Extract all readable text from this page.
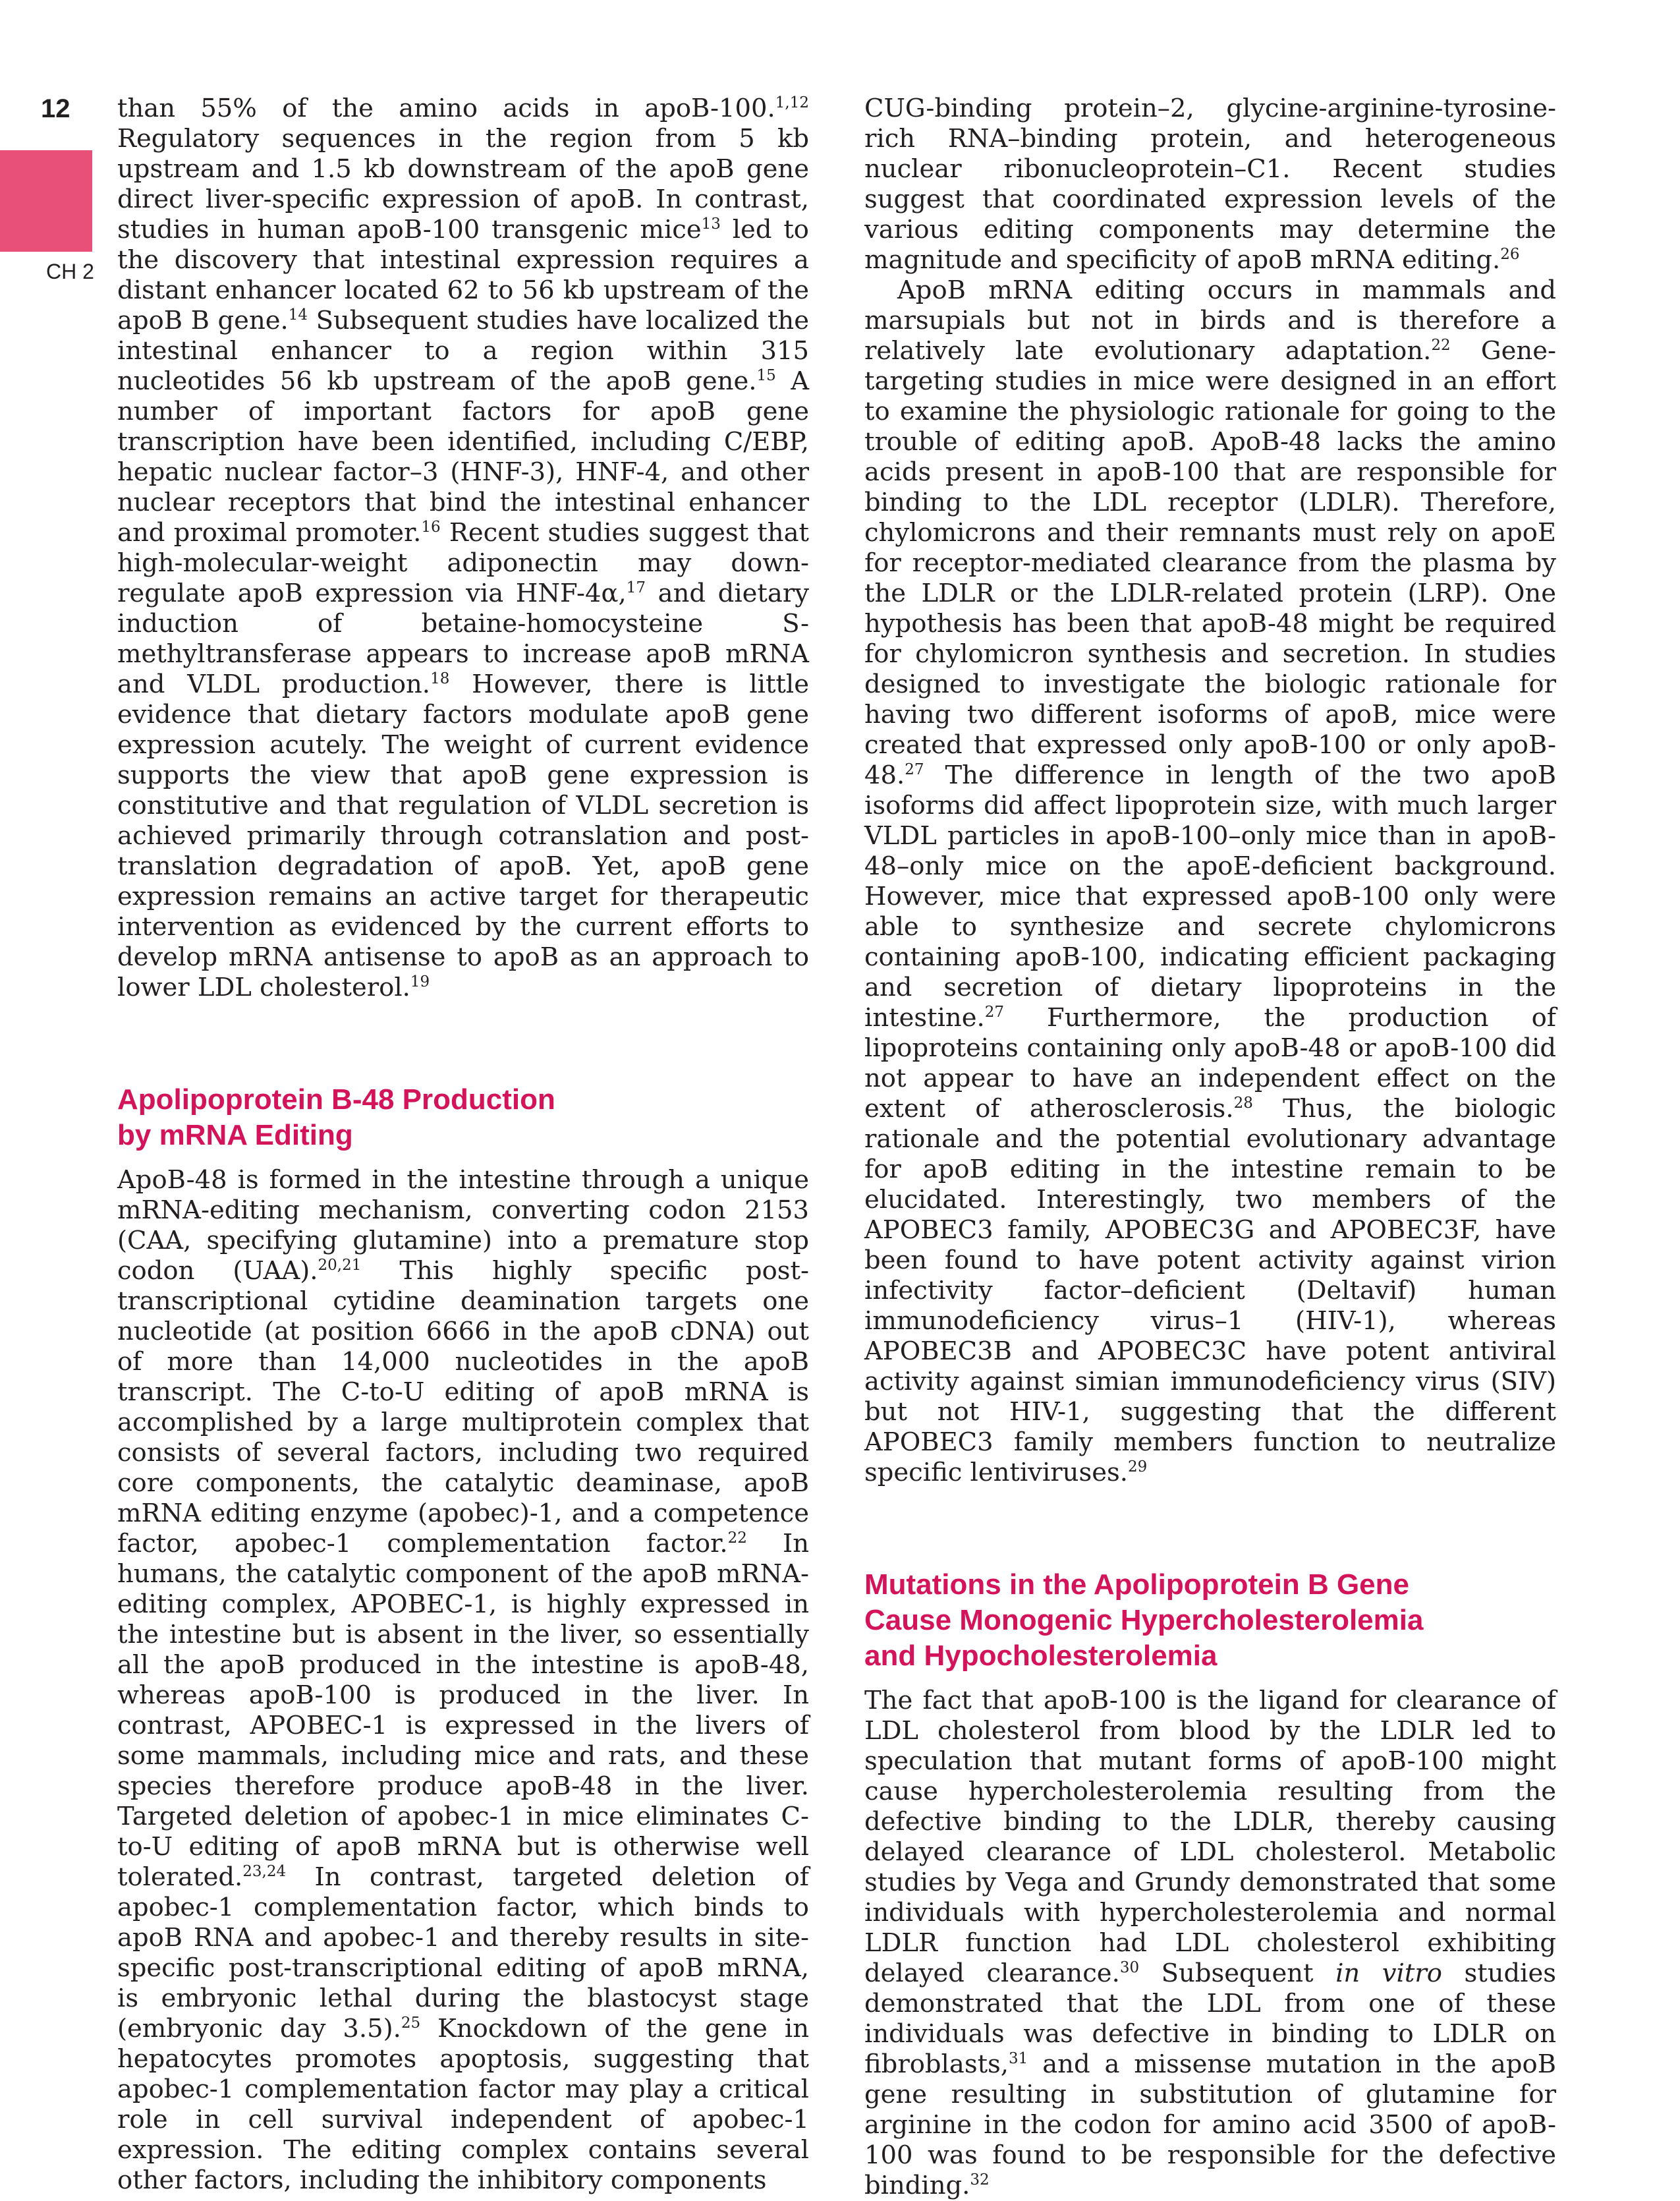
12
CH 2

than 55% of the amino acids in apoB-100.$^{1,12}$ Regulatory sequences in the region from 5 kb upstream and 1.5 kb downstream of the apoB gene direct liver-specific expression of apoB. In contrast, studies in human apoB-100 transgenic mice$^{13}$ led to the discovery that intestinal expression requires a distant enhancer located 62 to 56 kb upstream of the apoB B gene.$^{14}$ Subsequent studies have localized the intestinal enhancer to a region within 315 nucleotides 56 kb upstream of the apoB gene.$^{15}$ A number of important factors for apoB gene transcription have been identified, including C/EBP, hepatic nuclear factor–3 (HNF-3), HNF-4, and other nuclear receptors that bind the intestinal enhancer and proximal promoter.$^{16}$ Recent studies suggest that high-molecular-weight adiponectin may down-regulate apoB expression via HNF-4α,$^{17}$ and dietary induction of betaine-homocysteine S-methyltransferase appears to increase apoB mRNA and VLDL production.$^{18}$ However, there is little evidence that dietary factors modulate apoB gene expression acutely. The weight of current evidence supports the view that apoB gene expression is constitutive and that regulation of VLDL secretion is achieved primarily through cotranslation and post-translation degradation of apoB. Yet, apoB gene expression remains an active target for therapeutic intervention as evidenced by the current efforts to develop mRNA antisense to apoB as an approach to lower LDL cholesterol.$^{19}$

Apolipoprotein B-48 Production
by mRNA Editing

ApoB-48 is formed in the intestine through a unique mRNA-editing mechanism, converting codon 2153 (CAA, specifying glutamine) into a premature stop codon (UAA).$^{20,21}$ This highly specific post-transcriptional cytidine deamination targets one nucleotide (at position 6666 in the apoB cDNA) out of more than 14,000 nucleotides in the apoB transcript. The C-to-U editing of apoB mRNA is accomplished by a large multiprotein complex that consists of several factors, including two required core components, the catalytic deaminase, apoB mRNA editing enzyme (apobec)-1, and a competence factor, apobec-1 complementation factor.$^{22}$ In humans, the catalytic component of the apoB mRNA-editing complex, APOBEC-1, is highly expressed in the intestine but is absent in the liver, so essentially all the apoB produced in the intestine is apoB-48, whereas apoB-100 is produced in the liver. In contrast, APOBEC-1 is expressed in the livers of some mammals, including mice and rats, and these species therefore produce apoB-48 in the liver. Targeted deletion of apobec-1 in mice eliminates C-to-U editing of apoB mRNA but is otherwise well tolerated.$^{23,24}$ In contrast, targeted deletion of apobec-1 complementation factor, which binds to apoB RNA and apobec-1 and thereby results in site-specific post-transcriptional editing of apoB mRNA, is embryonic lethal during the blastocyst stage (embryonic day 3.5).$^{25}$ Knockdown of the gene in hepatocytes promotes apoptosis, suggesting that apobec-1 complementation factor may play a critical role in cell survival independent of apobec-1 expression. The editing complex contains several other factors, including the inhibitory components

CUG-binding protein–2, glycine-arginine-tyrosine-rich RNA–binding protein, and heterogeneous nuclear ribonucleoprotein–C1. Recent studies suggest that coordinated expression levels of the various editing components may determine the magnitude and specificity of apoB mRNA editing.$^{26}$

ApoB mRNA editing occurs in mammals and marsupials but not in birds and is therefore a relatively late evolutionary adaptation.$^{22}$ Gene-targeting studies in mice were designed in an effort to examine the physiologic rationale for going to the trouble of editing apoB. ApoB-48 lacks the amino acids present in apoB-100 that are responsible for binding to the LDL receptor (LDLR). Therefore, chylomicrons and their remnants must rely on apoE for receptor-mediated clearance from the plasma by the LDLR or the LDLR-related protein (LRP). One hypothesis has been that apoB-48 might be required for chylomicron synthesis and secretion. In studies designed to investigate the biologic rationale for having two different isoforms of apoB, mice were created that expressed only apoB-100 or only apoB-48.27 The difference in length of the two apoB isoforms did affect lipoprotein size, with much larger VLDL particles in apoB-100–only mice than in apoB-48–only mice on the apoE-deficient background. However, mice that expressed apoB-100 only were able to synthesize and secrete chylomicrons containing apoB-100, indicating efficient packaging and secretion of dietary lipoproteins in the intestine.$^{27}$ Furthermore, the production of lipoproteins containing only apoB-48 or apoB-100 did not appear to have an independent effect on the extent of atherosclerosis.$^{28}$ Thus, the biologic rationale and the potential evolutionary advantage for apoB editing in the intestine remain to be elucidated. Interestingly, two members of the APOBEC3 family, APOBEC3G and APOBEC3F, have been found to have potent activity against virion infectivity factor–deficient (Deltavif) human immunodeficiency virus–1 (HIV-1), whereas APOBEC3B and APOBEC3C have potent antiviral activity against simian immunodeficiency virus (SIV) but not HIV-1, suggesting that the different APOBEC3 family members function to neutralize specific lentiviruses.$^{29}$

Mutations in the Apolipoprotein B Gene
Cause Monogenic Hypercholesterolemia
and Hypocholesterolemia

The fact that apoB-100 is the ligand for clearance of LDL cholesterol from blood by the LDLR led to speculation that mutant forms of apoB-100 might cause hypercholesterolemia resulting from the defective binding to the LDLR, thereby causing delayed clearance of LDL cholesterol. Metabolic studies by Vega and Grundy demonstrated that some individuals with hypercholesterolemia and normal LDLR function had LDL cholesterol exhibiting delayed clearance.$^{30}$ Subsequent in vitro studies demonstrated that the LDL from one of these individuals was defective in binding to LDLR on fibroblasts,$^{31}$ and a missense mutation in the apoB gene resulting in substitution of glutamine for arginine in the codon for amino acid 3500 of apoB-100 was found to be responsible for the defective binding.$^{32}$
